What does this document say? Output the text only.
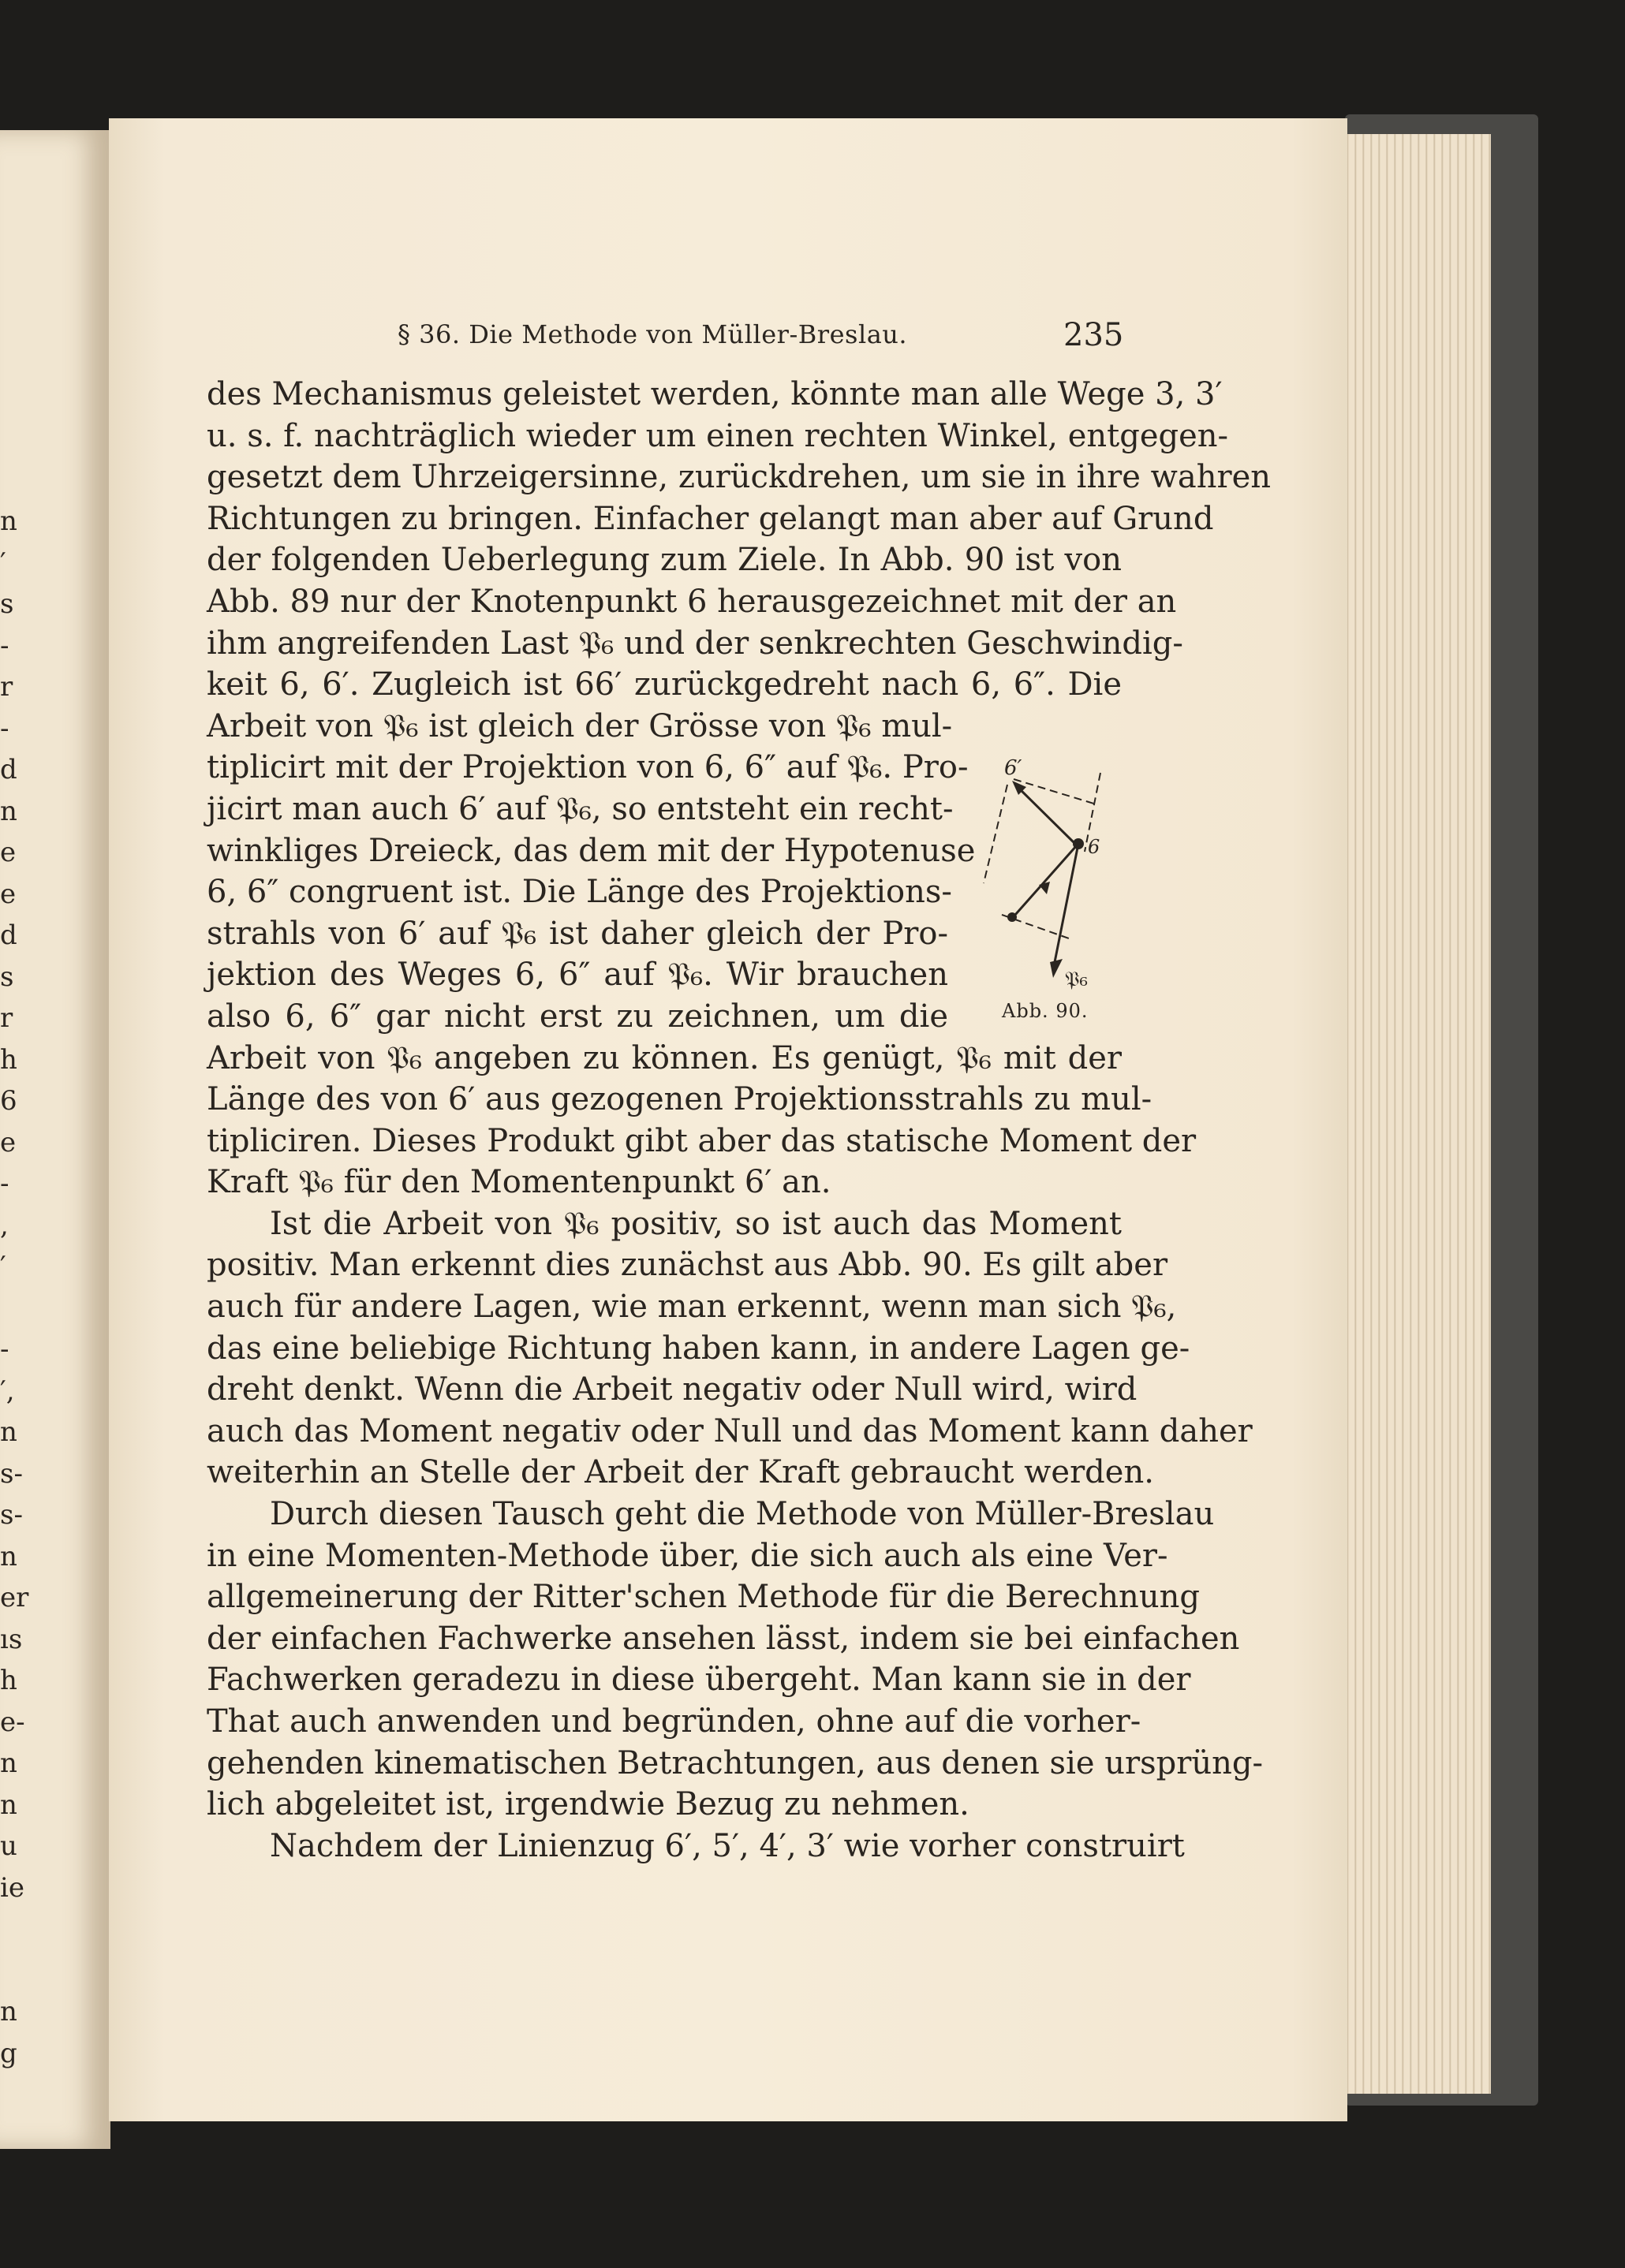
n
′
s
-
r
-
d
n
e
e
d
s
r
h
6
e
-
,
′

-
′,
n
s-
s-
n
er
ıs
h
e-
n
n
u
ie

n
g
§ 36. Die Methode von Müller-Breslau.	235
des Mechanismus geleistet werden, könnte man alle Wege 3, 3′
u. s. f. nachträglich wieder um einen rechten Winkel, entgegen-
gesetzt dem Uhrzeigersinne, zurückdrehen, um sie in ihre wahren
Richtungen zu bringen. Einfacher gelangt man aber auf Grund
der folgenden Ueberlegung zum Ziele. In Abb. 90 ist von
Abb. 89 nur der Knotenpunkt 6 herausgezeichnet mit der an
ihm angreifenden Last 𝔓₆ und der senkrechten Geschwindig-
keit 6, 6′. Zugleich ist 66′ zurückgedreht nach 6, 6″. Die
Arbeit von 𝔓₆ ist gleich der Grösse von 𝔓₆ mul-
tiplicirt mit der Projektion von 6, 6″ auf 𝔓₆. Pro-
jicirt man auch 6′ auf 𝔓₆, so entsteht ein recht-
winkliges Dreieck, das dem mit der Hypotenuse
6, 6″ congruent ist. Die Länge des Projektions-
strahls von 6′ auf 𝔓₆ ist daher gleich der Pro-
jektion des Weges 6, 6″ auf 𝔓₆. Wir brauchen
also 6, 6″ gar nicht erst zu zeichnen, um die
Arbeit von 𝔓₆ angeben zu können. Es genügt, 𝔓₆ mit der
Länge des von 6′ aus gezogenen Projektionsstrahls zu mul-
tipliciren. Dieses Produkt gibt aber das statische Moment der
Kraft 𝔓₆ für den Momentenpunkt 6′ an.
Ist die Arbeit von 𝔓₆ positiv, so ist auch das Moment
positiv. Man erkennt dies zunächst aus Abb. 90. Es gilt aber
auch für andere Lagen, wie man erkennt, wenn man sich 𝔓₆,
das eine beliebige Richtung haben kann, in andere Lagen ge-
dreht denkt. Wenn die Arbeit negativ oder Null wird, wird
auch das Moment negativ oder Null und das Moment kann daher
weiterhin an Stelle der Arbeit der Kraft gebraucht werden.
Durch diesen Tausch geht die Methode von Müller-Breslau
in eine Momenten-Methode über, die sich auch als eine Ver-
allgemeinerung der Ritter'schen Methode für die Berechnung
der einfachen Fachwerke ansehen lässt, indem sie bei einfachen
Fachwerken geradezu in diese übergeht. Man kann sie in der
That auch anwenden und begründen, ohne auf die vorher-
gehenden kinematischen Betrachtungen, aus denen sie ursprüng-
lich abgeleitet ist, irgendwie Bezug zu nehmen.
Nachdem der Linienzug 6′, 5′, 4′, 3′ wie vorher construirt
6′
6
𝔓₆
Abb. 90.
